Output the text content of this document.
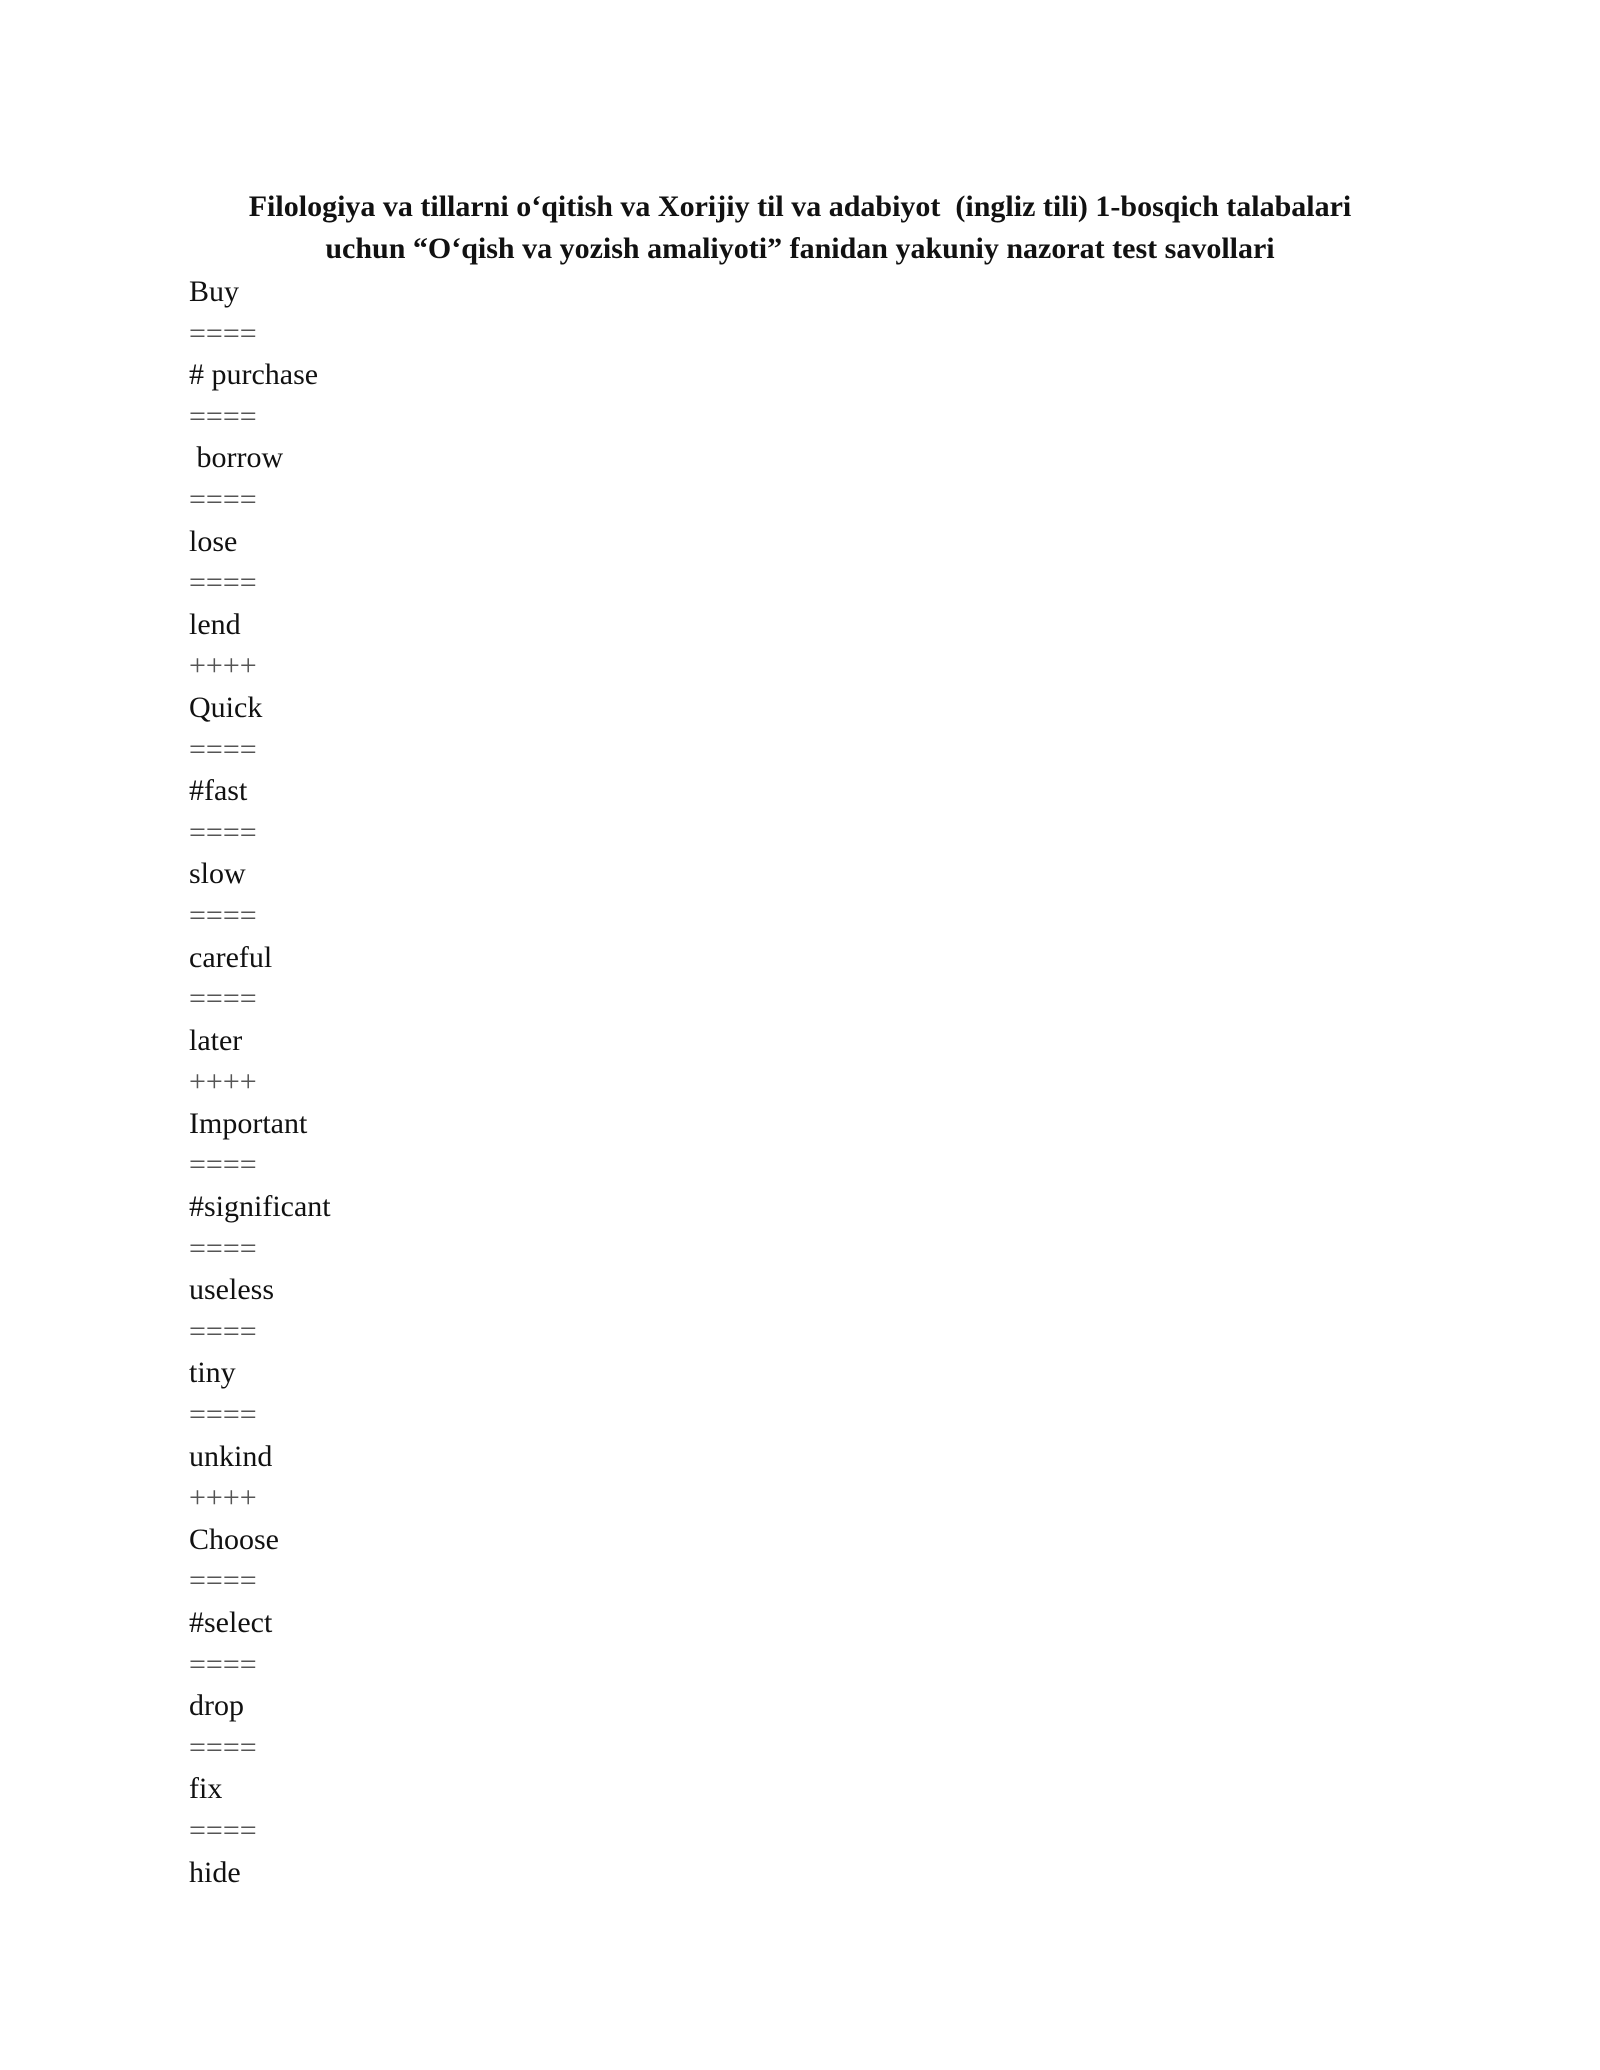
Filologiya va tillarni o‘qitish va Xorijiy til va adabiyot  (ingliz tili) 1-bosqich talabalari
uchun “O‘qish va yozish amaliyoti” fanidan yakuniy nazorat test savollari
Buy
====
# purchase
====
borrow
====
lose
====
lend
++++
Quick
====
#fast
====
slow
====
careful
====
later
++++
Important
====
#significant
====
useless
====
tiny
====
unkind
++++
Choose
====
#select
====
drop
====
fix
====
hide
